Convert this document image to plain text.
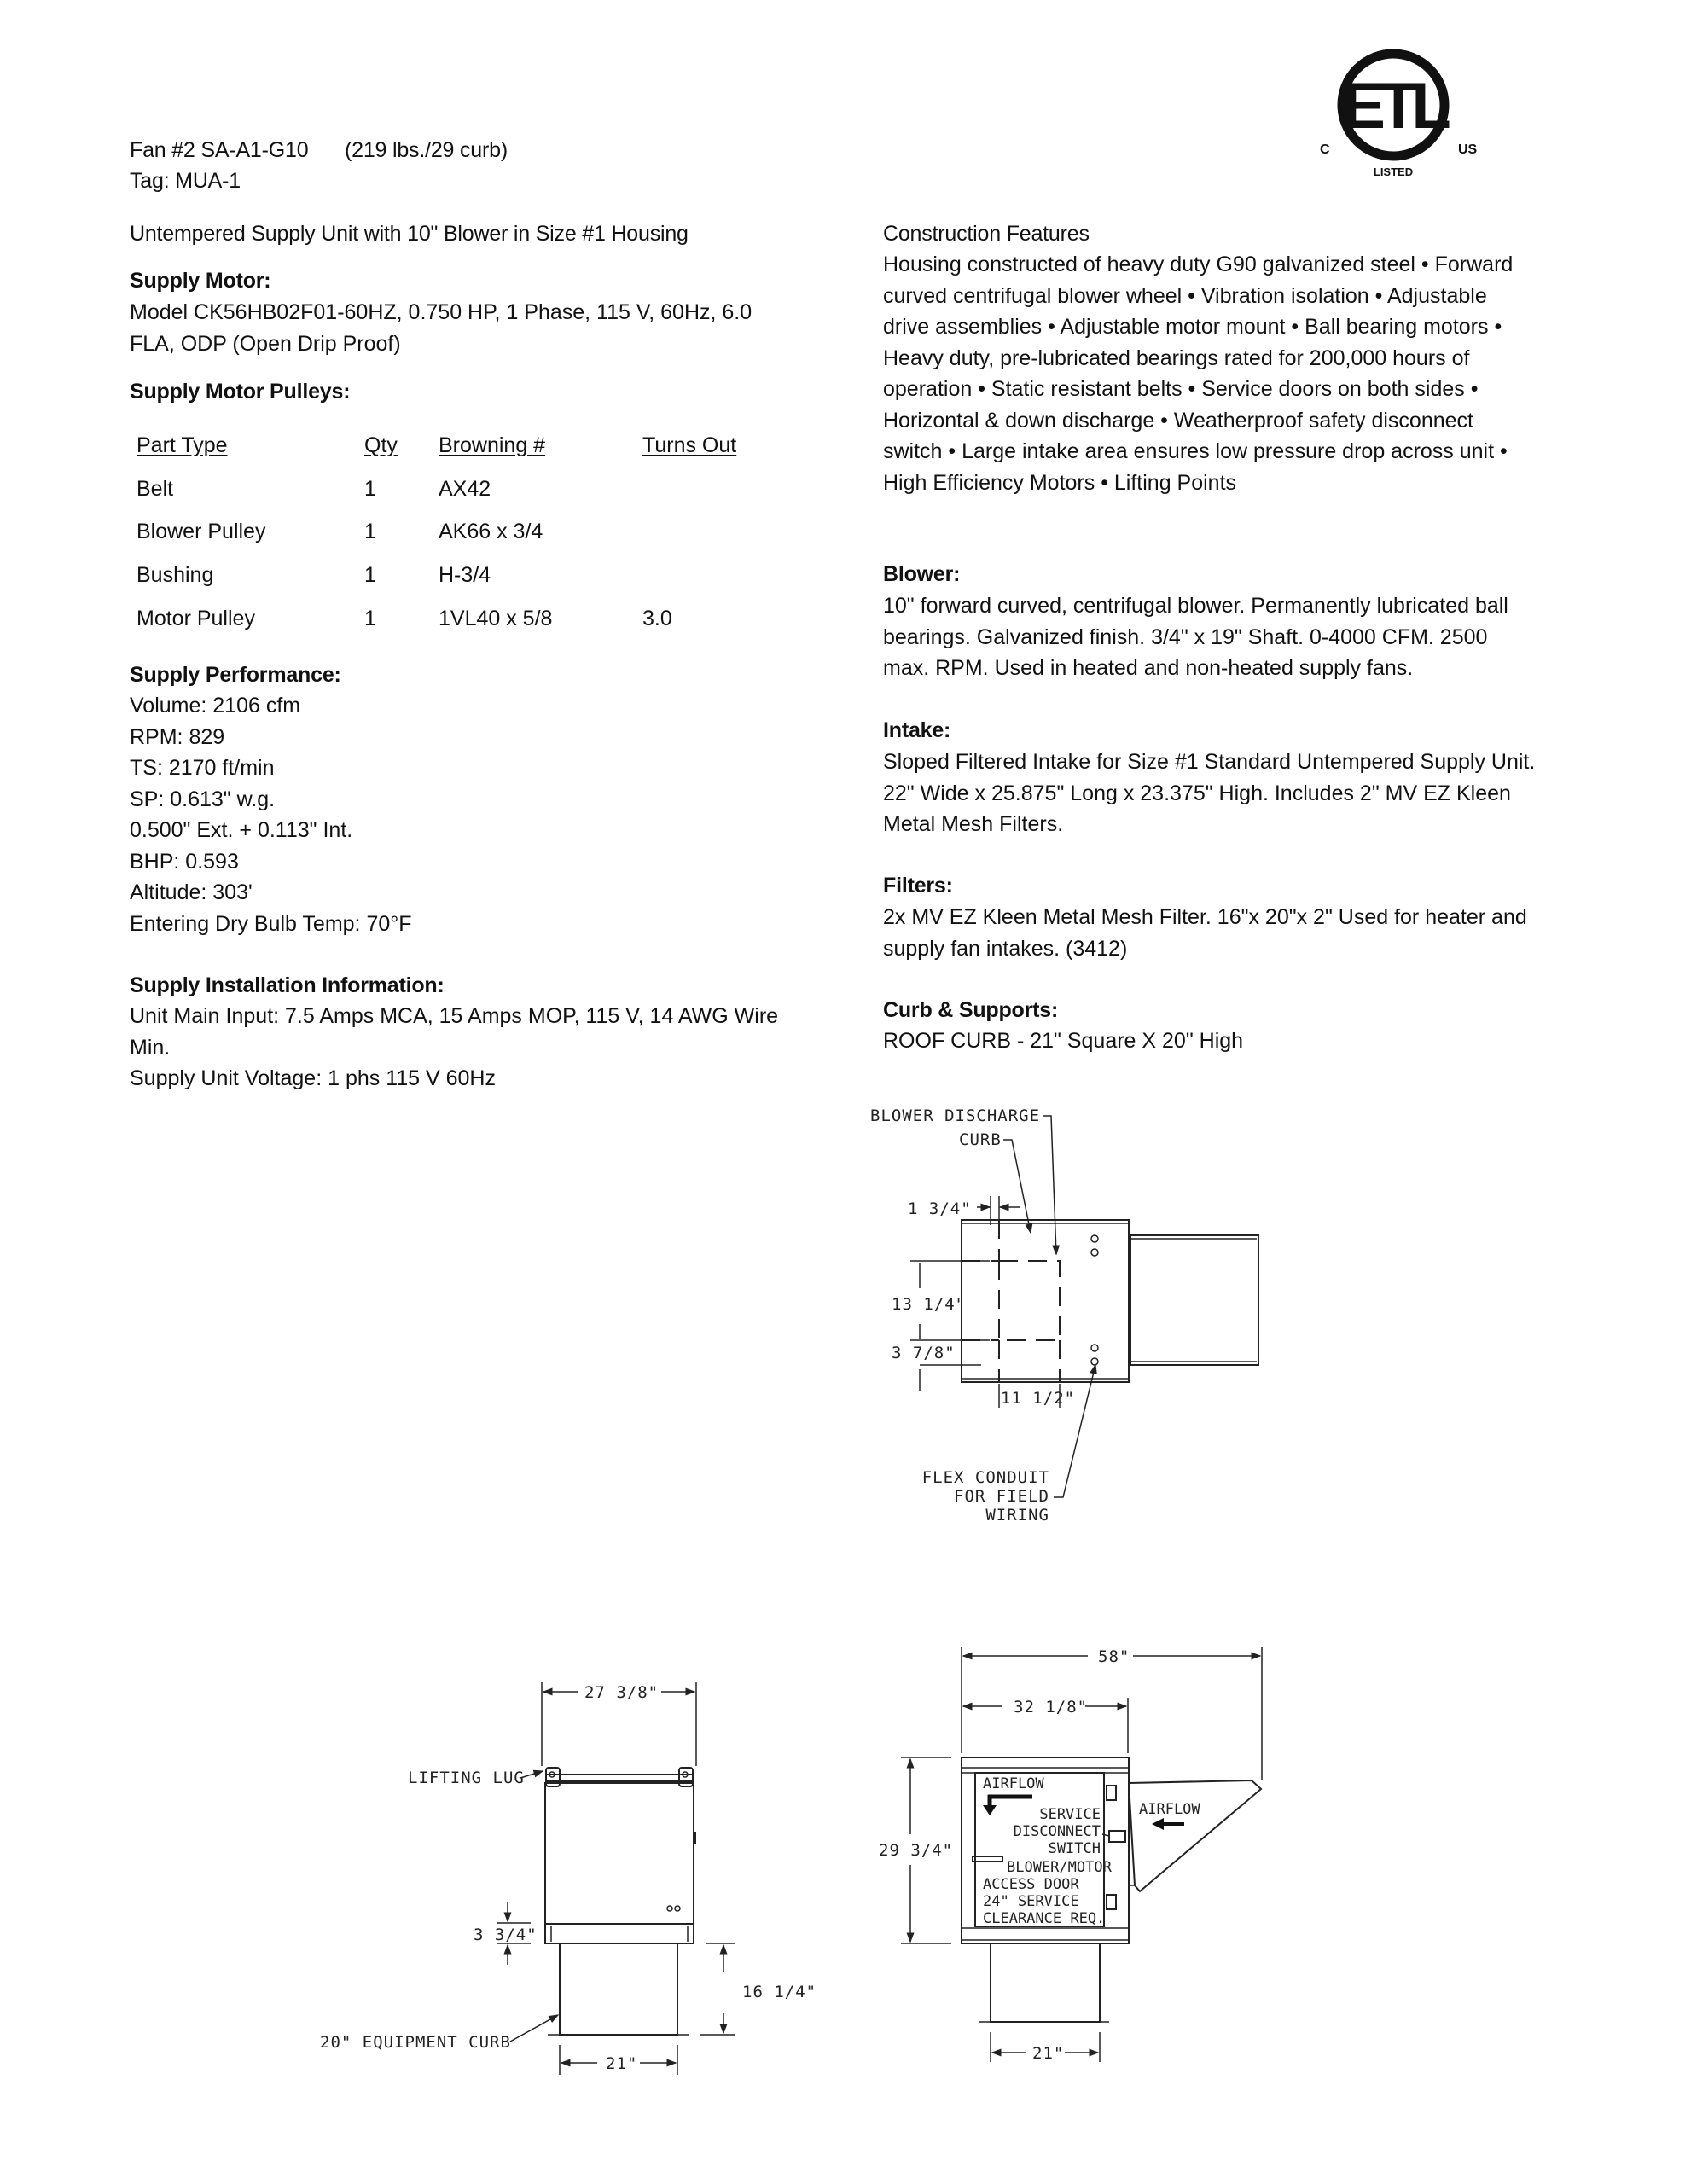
Fan #2 SA-A1-G10 (219 lbs./29 curb)
Tag: MUA-1
Untempered Supply Unit with 10" Blower in Size #1 Housing
Supply Motor:
Model CK56HB02F01-60HZ, 0.750 HP, 1 Phase, 115 V, 60Hz, 6.0
FLA, ODP (Open Drip Proof)
Supply Motor Pulleys:
Part Type	Qty	Browning #	Turns Out
Belt	1	AX42	
Blower Pulley	1	AK66 x 3/4	
Bushing	1	H-3/4	
Motor Pulley	1	1VL40 x 5/8	3.0
Supply Performance:
Volume: 2106 cfm
RPM: 829
TS: 2170 ft/min
SP: 0.613" w.g.
0.500" Ext. + 0.113" Int.
BHP: 0.593
Altitude: 303'
Entering Dry Bulb Temp: 70°F
Supply Installation Information:
Unit Main Input: 7.5 Amps MCA, 15 Amps MOP, 115 V, 14 AWG Wire
Min.
Supply Unit Voltage: 1 phs 115 V 60Hz
Construction Features
Housing constructed of heavy duty G90 galvanized steel • Forward
curved centrifugal blower wheel • Vibration isolation • Adjustable
drive assemblies • Adjustable motor mount • Ball bearing motors •
Heavy duty, pre-lubricated bearings rated for 200,000 hours of
operation • Static resistant belts • Service doors on both sides •
Horizontal & down discharge • Weatherproof safety disconnect
switch • Large intake area ensures low pressure drop across unit •
High Efficiency Motors • Lifting Points
Blower:
10" forward curved, centrifugal blower. Permanently lubricated ball
bearings. Galvanized finish. 3/4" x 19" Shaft. 0-4000 CFM. 2500
max. RPM. Used in heated and non-heated supply fans.
Intake:
Sloped Filtered Intake for Size #1 Standard Untempered Supply Unit.
22" Wide x 25.875" Long x 23.375" High. Includes 2" MV EZ Kleen
Metal Mesh Filters.
Filters:
2x MV EZ Kleen Metal Mesh Filter. 16"x 20"x 2" Used for heater and
supply fan intakes. (3412)
Curb & Supports:
ROOF CURB - 21" Square X 20" High
ETL
C	US
LISTED
BLOWER DISCHARGE
CURB
1 3/4"
13 1/4"
3 7/8"
11 1/2"
FLEX CONDUIT
FOR FIELD
WIRING
27 3/8"
LIFTING LUG
3 3/4"
16 1/4"
20" EQUIPMENT CURB
21"
58"
32 1/8"
29 3/4"
AIRFLOW
SERVICE
DISCONNECT
SWITCH
BLOWER/MOTOR
ACCESS DOOR
24" SERVICE
CLEARANCE REQ.
AIRFLOW
21"
